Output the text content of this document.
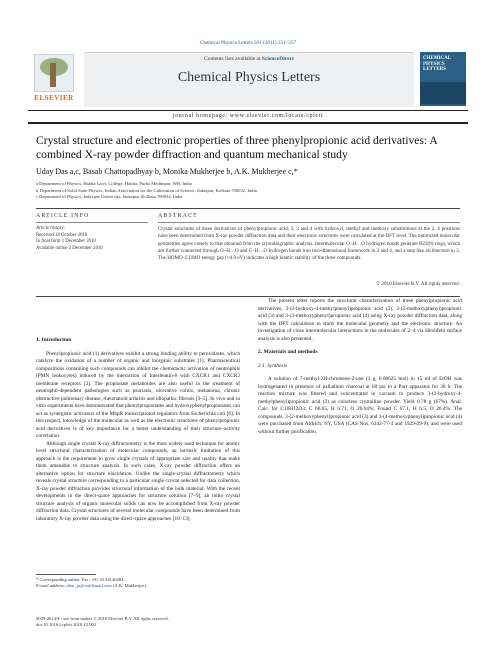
Chemical Physics Letters 501 (2011) 351–357
ELSEVIER
Contents lists available at ScienceDirect
Chemical Physics Letters
CHEMICAL PHYSICS LETTERS
journal homepage: www.elsevier.com/locate/cplett
Crystal structure and electronic properties of three phenylpropionic acid derivatives: A combined X-ray powder diffraction and quantum mechanical study
Uday Das a,c, Basab Chattopadhyay b, Monika Mukherjee b, A.K. Mukherjee c,*
a Department of Physics, Haldia Govt. College, Haldia, Purba Medinipur, WB, India
b Department of Solid State Physics, Indian Association for the Cultivation of Science, Jadavpur, Kolkata 700032, India
c Department of Physics, Jadavpur University, Jadavpur, Kolkata 700032, India
ARTICLE INFO	ABSTRACT
Article history:
Received 18 October 2010
In final form 1 December 2010
Available online 3 December 2010
Crystal structures of three derivatives of phenylpropionic acid, 2, 3 and 4 with hydroxyl, methyl and methoxy substitutions at the 2, 4 positions have been determined from X-ray powder diffraction data and their electronic structures were calculated at the DFT level. The optimized molecular geometries agree closely to that obtained from the crystallographic analysis. Intermolecular O–H…O hydrogen bonds generate R22(8) rings, which are further connected through O–H…O and C–H…O hydrogen bonds into two-dimensional framework in 2 and 4, and a step like architecture in 3. The HOMO–LUMO energy gap (≈4.0 eV) indicates a high kinetic stability of the three compounds.
© 2010 Elsevier B.V. All rights reserved.
1. Introduction

Phenylpropionic acid (1) derivatives exhibit a strong binding ability to peroxidases, which catalyze the oxidation of a number of organic and inorganic substrates [1]. Pharmaceutical compositions containing such compounds can inhibit the chemotactic activation of neutrophils (PMN leukocytes) induced by the interaction of Interleukin-8 with CXCR1 and CXCR2 membrane receptors [2]. The propionate metabolites are also useful in the treatment of neutrophil-dependent pathologies such as psoriasis, ulcerative colitis, melanoma, chronic obstructive pulmonary disease, rheumatoid arthritis and idiopathic fibrosis [3–5]. In vivo and in vitro experiments have demonstrated that phenylpropionates and hydroxyphenylpropionates can act as synergistic activators of the MhpR transcriptional regulators from Escherichia coli [6]. In this respect, knowledge of the molecular as well as the electronic structures of phenylpropionic acid derivatives is of key importance for a better understanding of their structure–activity correlation.

Although single crystal X-ray diffractometry is the most widely used technique for atomic level structural characterization of molecular compounds, an intrinsic limitation of this approach is the requirement to grow single crystals of appropriate size and quality that make them amenable to structure analysis. In such cases, X-ray powder diffraction offers an alternative option for structure elucidation. Unlike the single-crystal diffractometry which reveals crystal structure corresponding to a particular single crystal selected for data collection, X-ray powder diffraction provides structural information of the bulk material. With the recent developments in the direct-space approaches for structure solution [7–9], ab initio crystal structure analysis of organic molecular solids can now be accomplished from X-ray powder diffraction data. Crystal structures of several molecular compounds have been determined from laboratory X-ray powder data using the direct-space approaches [10–13].

The present letter reports the structural characterization of three phenylpropionic acid derivatives, 3-(2-hydroxy-4-methylphenyl)propionic acid (2), 3-(2-methoxyphenyl)propionic acid (3) and 3-(3-methoxyphenyl)propionic acid (4) using X-ray powder diffraction data, along with the DFT calculation to study the molecular geometry and the electronic structure. An investigation of close intermolecular interactions in the molecules of 2–4 via Hirshfeld surface analysis is also presented.

2. Materials and methods
2.1. Synthesis

A solution of 7-methyl-2H-chromene-2-one (1 g, 0.00625 mol) in 15 ml of EtOH was hydrogenated in presence of palladium charcoal at 60 psi in a Parr apparatus for 30 h. The reaction mixture was filtered and concentrated in vacuum to produce 3-(2-hydroxy-4-methylphenyl)propionic acid (2) as colorless crystalline powder. Yield 0.78 g (67%). Anal. Calc. for C10H12O3: C 66.65, H 6.71, O 26.64%; Found C 67.1, H 6.5, O 26.4%. The compounds, 3-(2-methoxyphenyl)propionic acid (3) and 3-(4-methoxyphenyl)propionic acid (4) were purchased from Aldrich, NY, USA (CAS Nos. 6342-77-4 and 1929-29-9), and were used without further purification.

* Corresponding author. Fax: +91 33 24146484.
E-mail address: akm_ju@rediffmail.com (A.K. Mukherjee).
0009-2614/$ - see front matter © 2010 Elsevier B.V. All rights reserved.
doi:10.1016/j.cplett.2010.12.002
